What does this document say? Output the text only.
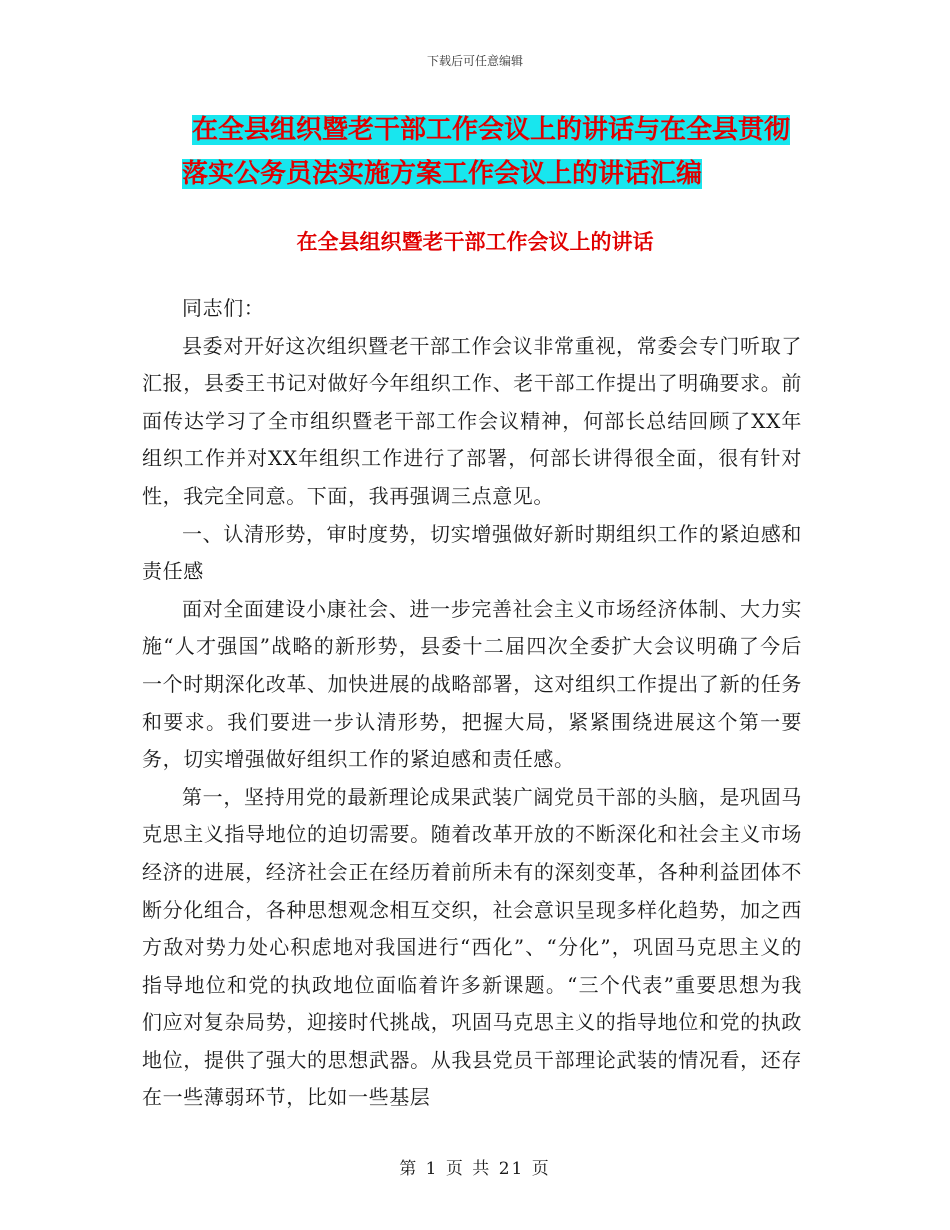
下载后可任意编辑
在全县组织暨老干部工作会议上的讲话与在全县贯彻
落实公务员法实施方案工作会议上的讲话汇编
在全县组织暨老干部工作会议上的讲话

同志们：

县委对开好这次组织暨老干部工作会议非常重视，常委会专门听取了汇报，县委王书记对做好今年组织工作、老干部工作提出了明确要求。前面传达学习了全市组织暨老干部工作会议精神，何部长总结回顾了XX年组织工作并对XX年组织工作进行了部署，何部长讲得很全面，很有针对性，我完全同意。下面，我再强调三点意见。

一、认清形势，审时度势，切实增强做好新时期组织工作的紧迫感和责任感

面对全面建设小康社会、进一步完善社会主义市场经济体制、大力实施“人才强国”战略的新形势，县委十二届四次全委扩大会议明确了今后一个时期深化改革、加快进展的战略部署，这对组织工作提出了新的任务和要求。我们要进一步认清形势，把握大局，紧紧围绕进展这个第一要务，切实增强做好组织工作的紧迫感和责任感。

第一，坚持用党的最新理论成果武装广阔党员干部的头脑，是巩固马克思主义指导地位的迫切需要。随着改革开放的不断深化和社会主义市场经济的进展，经济社会正在经历着前所未有的深刻变革，各种利益团体不断分化组合，各种思想观念相互交织，社会意识呈现多样化趋势，加之西方敌对势力处心积虑地对我国进行“西化”、“分化”，巩固马克思主义的指导地位和党的执政地位面临着许多新课题。“三个代表”重要思想为我们应对复杂局势，迎接时代挑战，巩固马克思主义的指导地位和党的执政地位，提供了强大的思想武器。从我县党员干部理论武装的情况看，还存在一些薄弱环节，比如一些基层

第 1 页 共 21 页
